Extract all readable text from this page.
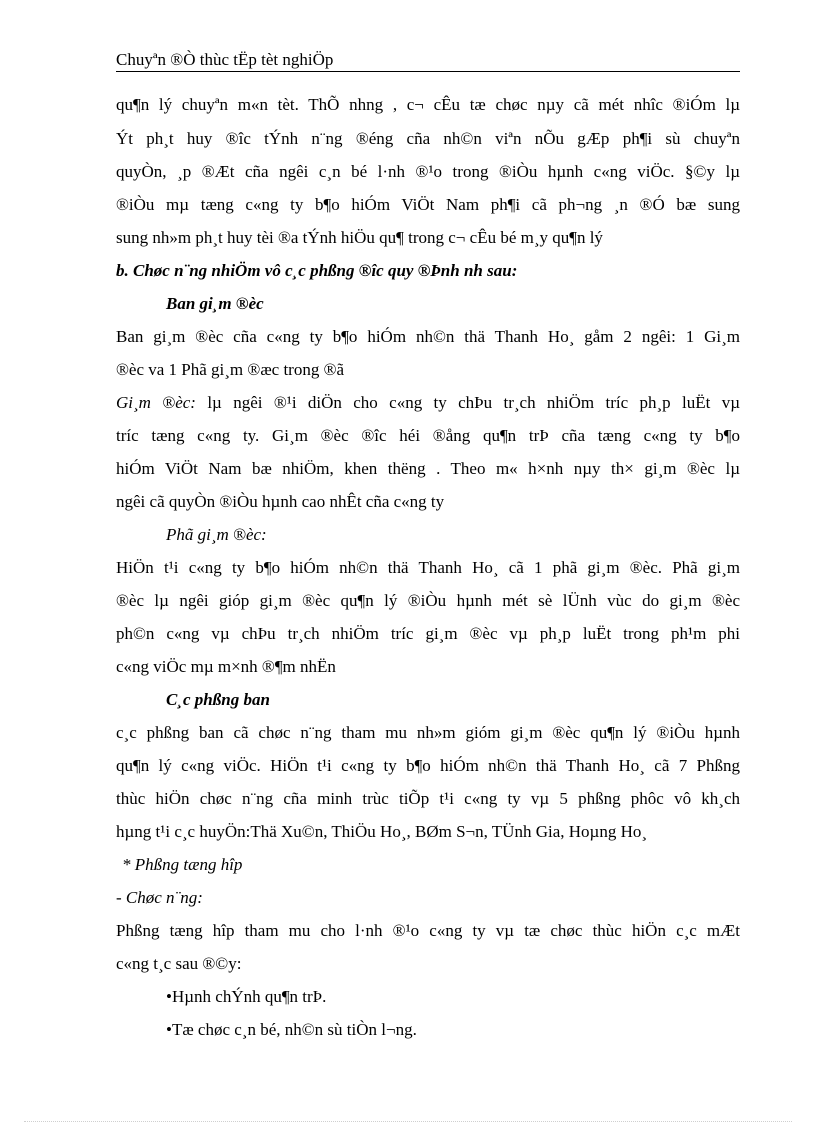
Chuyªn ®Ò thùc tËp tèt nghiÖp
qu¶n lý chuyªn m«n tèt. ThÕ nhng , c¬ cÊu tæ chøc nµy cã mét nhîc ®iÓm lµ
Ýt ph¸t huy ®îc tÝnh n¨ng ®éng cña nh©n viªn nÕu gÆp ph¶i sù chuyªn
quyÒn, ¸p ®Æt cña ngêi c¸n bé l·nh ®¹o trong ®iÒu hµnh c«ng viÖc. §©y lµ
®iÒu mµ tæng c«ng ty b¶o hiÓm ViÖt Nam ph¶i cã ph¬ng ¸n ®Ó bæ sung
sung nh»m ph¸t huy tèi ®a tÝnh hiÖu qu¶ trong c¬ cÊu bé m¸y qu¶n lý
b. Chøc n¨ng nhiÖm vô c¸c phßng ®îc quy ®Þnh nh sau:
Ban gi¸m ®èc
Ban gi¸m ®èc cña c«ng ty b¶o hiÓm nh©n thä Thanh Ho¸ gåm 2 ngêi: 1 Gi¸m
®èc va 1 Phã gi¸m ®æc trong ®ã
Gi¸m ®èc: lµ ngêi ®¹i diÖn cho c«ng ty chÞu tr¸ch nhiÖm tríc ph¸p luËt vµ
tríc tæng c«ng ty. Gi¸m ®èc ®îc héi ®ång qu¶n trÞ cña tæng c«ng ty b¶o
hiÓm ViÖt Nam bæ nhiÖm, khen thëng . Theo m« h×nh nµy th× gi¸m ®èc lµ
ngêi cã quyÒn ®iÒu hµnh cao nhÊt cña c«ng ty
Phã gi¸m ®èc:
HiÖn t¹i c«ng ty b¶o hiÓm nh©n thä Thanh Ho¸ cã 1 phã gi¸m ®èc. Phã gi¸m
®èc lµ ngêi gióp gi¸m ®èc qu¶n lý ®iÒu hµnh mét sè lÜnh vùc do gi¸m ®èc
ph©n c«ng vµ chÞu tr¸ch nhiÖm tríc gi¸m ®èc vµ ph¸p luËt trong ph¹m phi
c«ng viÖc mµ m×nh ®¶m nhËn
C¸c phßng ban
c¸c phßng ban cã chøc n¨ng tham mu nh»m gióm gi¸m ®èc qu¶n lý ®iÒu hµnh
qu¶n lý c«ng viÖc. HiÖn t¹i c«ng ty b¶o hiÓm nh©n thä Thanh Ho¸ cã 7 Phßng
thùc hiÖn chøc n¨ng cña minh trùc tiÕp t¹i c«ng ty vµ 5 phßng phôc vô kh¸ch
hµng t¹i c¸c huyÖn:Thä Xu©n, ThiÖu Ho¸, BØm S¬n, TÜnh Gia, Hoµng Ho¸
* Phßng tæng hîp
- Chøc n¨ng:
Phßng tæng hîp tham mu cho l·nh ®¹o c«ng ty vµ tæ chøc thùc hiÖn c¸c mÆt
c«ng t¸c sau ®©y:
•Hµnh chÝnh qu¶n trÞ.
•Tæ chøc c¸n bé, nh©n sù tiÒn l¬ng.
